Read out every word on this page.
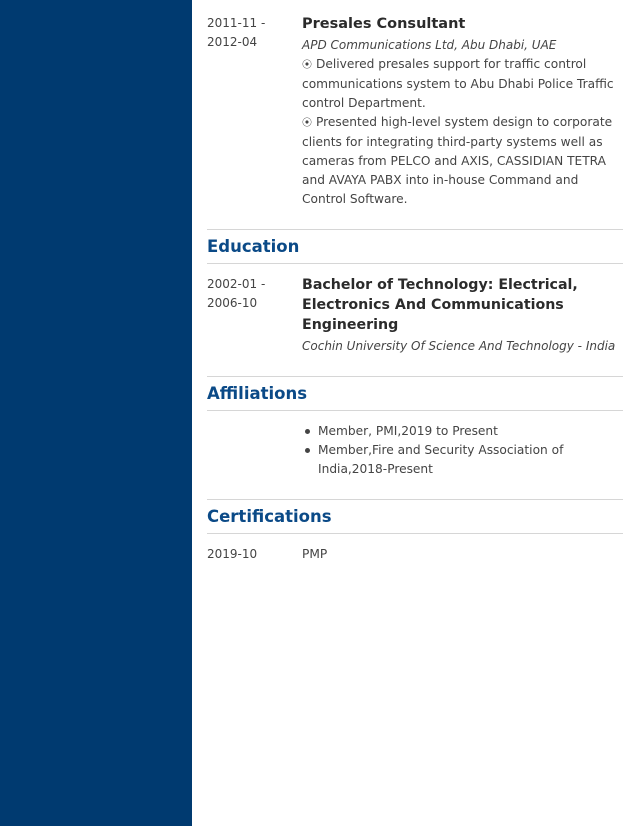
2011-11 -
2012-04
Presales Consultant
APD Communications Ltd, Abu Dhabi, UAE
⦿ Delivered presales support for traffic control communications system to Abu Dhabi Police Traffic control Department.
⦿ Presented high-level system design to corporate clients for integrating third-party systems well as cameras from PELCO and AXIS, CASSIDIAN TETRA and AVAYA PABX into in-house Command and Control Software.
Education
2002-01 -
2006-10
Bachelor of Technology: Electrical, Electronics And Communications Engineering
Cochin University Of Science And Technology - India
Affiliations
Member, PMI,2019 to Present
Member,Fire and Security Association of India,2018-Present
Certifications
2019-10	PMP
